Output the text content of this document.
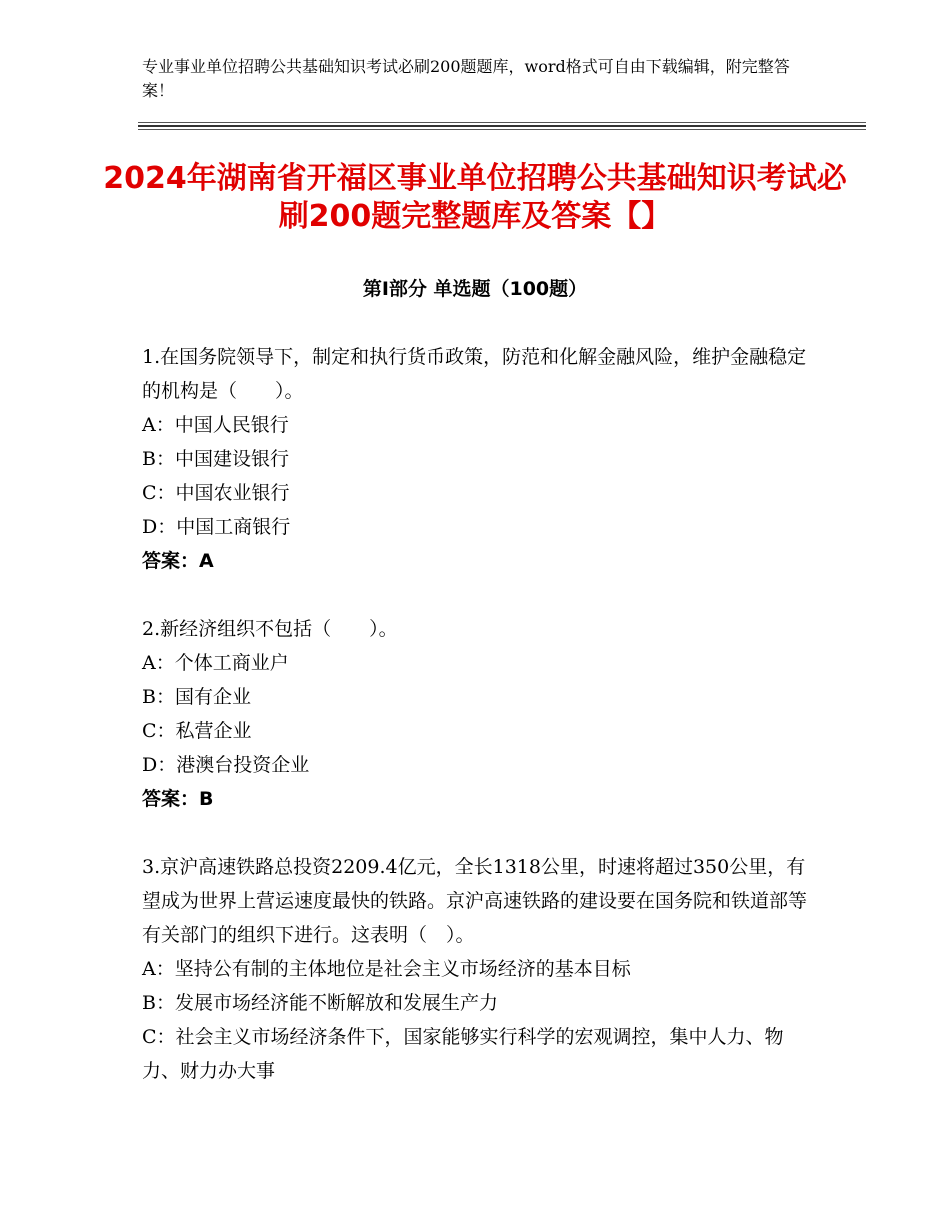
专业事业单位招聘公共基础知识考试必刷200题题库，word格式可自由下载编辑，附完整答案！
2024年湖南省开福区事业单位招聘公共基础知识考试必刷200题完整题库及答案【】
第Ⅰ部分 单选题（100题）
1.在国务院领导下，制定和执行货币政策，防范和化解金融风险，维护金融稳定的机构是（　　）。
A：中国人民银行
B：中国建设银行
C：中国农业银行
D：中国工商银行
答案：A
2.新经济组织不包括（　　）。
A：个体工商业户
B：国有企业
C：私营企业
D：港澳台投资企业
答案：B
3.京沪高速铁路总投资2209.4亿元，全长1318公里，时速将超过350公里，有望成为世界上营运速度最快的铁路。京沪高速铁路的建设要在国务院和铁道部等有关部门的组织下进行。这表明（　）。
A：坚持公有制的主体地位是社会主义市场经济的基本目标
B：发展市场经济能不断解放和发展生产力
C：社会主义市场经济条件下，国家能够实行科学的宏观调控，集中人力、物力、财力办大事
